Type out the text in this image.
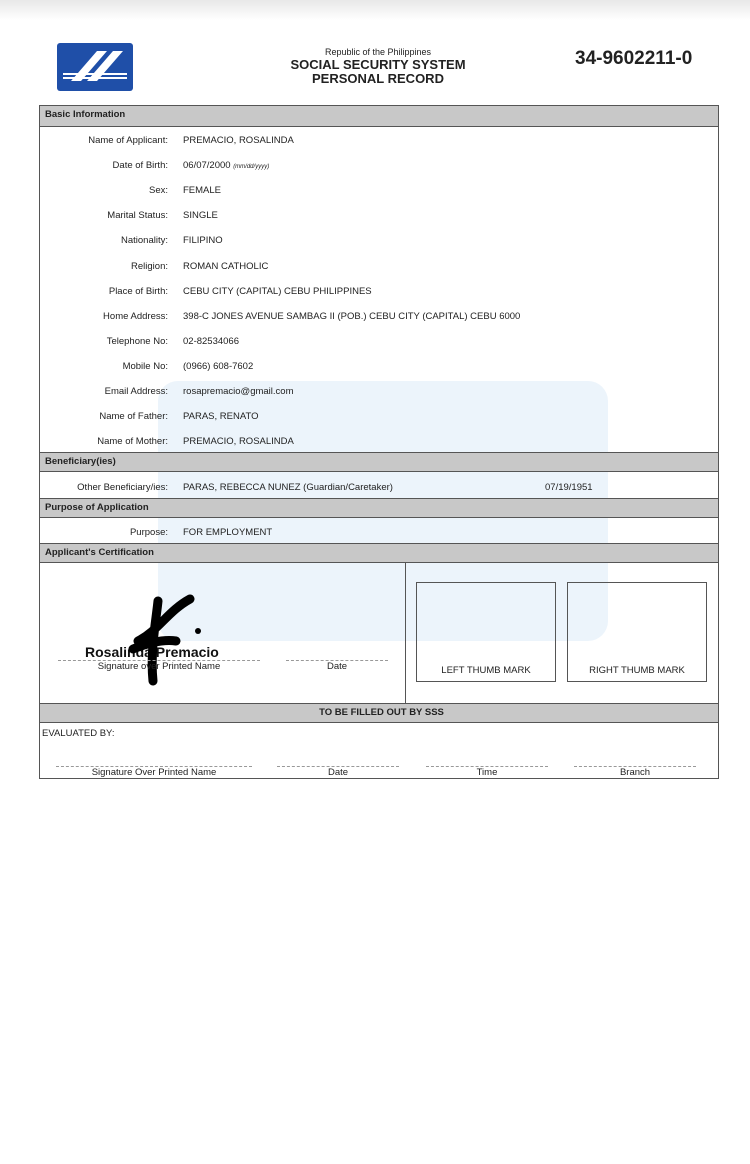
Republic of the Philippines
SOCIAL SECURITY SYSTEM
PERSONAL RECORD
34-9602211-0
Basic Information
Name of Applicant: PREMACIO, ROSALINDA
Date of Birth: 06/07/2000 (mm/dd/yyyy)
Sex: FEMALE
Marital Status: SINGLE
Nationality: FILIPINO
Religion: ROMAN CATHOLIC
Place of Birth: CEBU CITY (CAPITAL) CEBU PHILIPPINES
Home Address: 398-C JONES AVENUE SAMBAG II (POB.) CEBU CITY (CAPITAL) CEBU 6000
Telephone No: 02-82534066
Mobile No: (0966) 608-7602
Email Address: rosapremacio@gmail.com
Name of Father: PARAS, RENATO
Name of Mother: PREMACIO, ROSALINDA
Beneficiary(ies)
Other Beneficiary/ies: PARAS, REBECCA NUNEZ (Guardian/Caretaker)	07/19/1951
Purpose of Application
Purpose: FOR EMPLOYMENT
Applicant's Certification
Rosalinda Premacio
Signature over Printed Name	Date	LEFT THUMB MARK	RIGHT THUMB MARK
TO BE FILLED OUT BY SSS
EVALUATED BY:
Signature Over Printed Name	Date	Time	Branch
